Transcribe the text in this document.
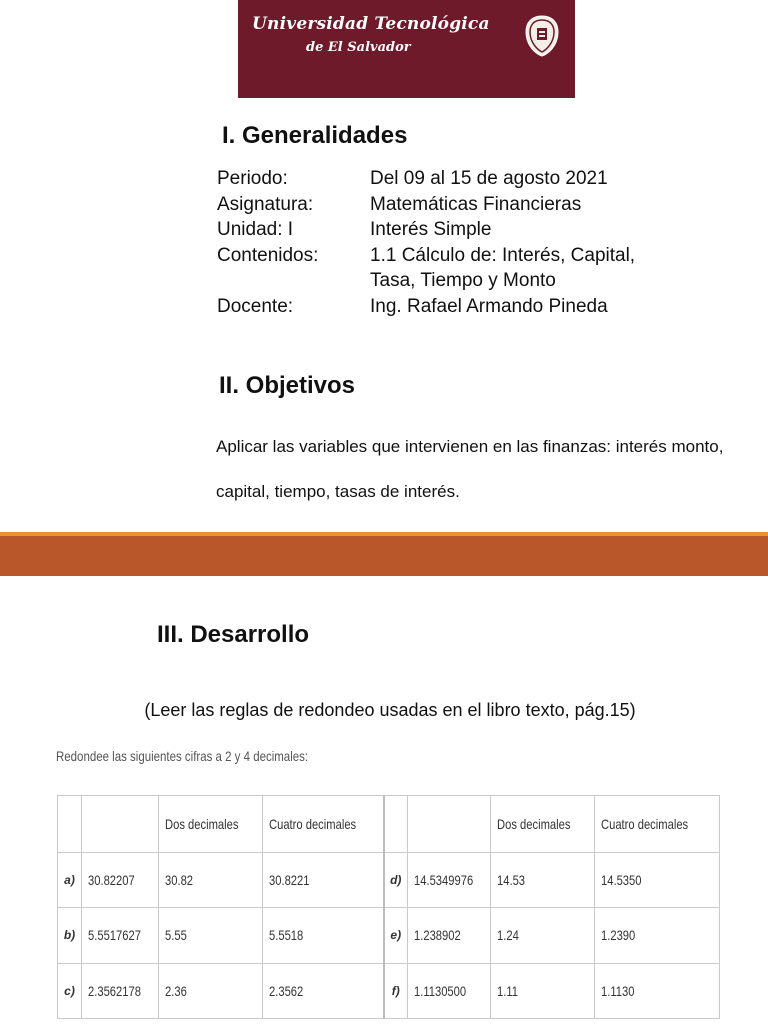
Universidad Tecnológica
de El Salvador
I. Generalidades
Periodo:	Del 09 al 15 de agosto 2021
Asignatura:	Matemáticas Financieras
Unidad: I	Interés Simple
Contenidos:	1.1 Cálculo de: Interés, Capital, Tasa, Tiempo y Monto
Docente:	Ing. Rafael Armando Pineda
II. Objetivos
Aplicar las variables que intervienen en las finanzas: interés monto, capital, tiempo, tasas de interés.
III. Desarrollo
(Leer las reglas de redondeo usadas en el libro texto, pág.15)
Redondee las siguientes cifras a 2 y 4 decimales:
		Dos decimales	Cuatro decimales			Dos decimales	Cuatro decimales
a)	30.82207	30.82	30.8221	d)	14.5349976	14.53	14.5350
b)	5.5517627	5.55	5.5518	e)	1.238902	1.24	1.2390
c)	2.3562178	2.36	2.3562	f)	1.1130500	1.11	1.1130
